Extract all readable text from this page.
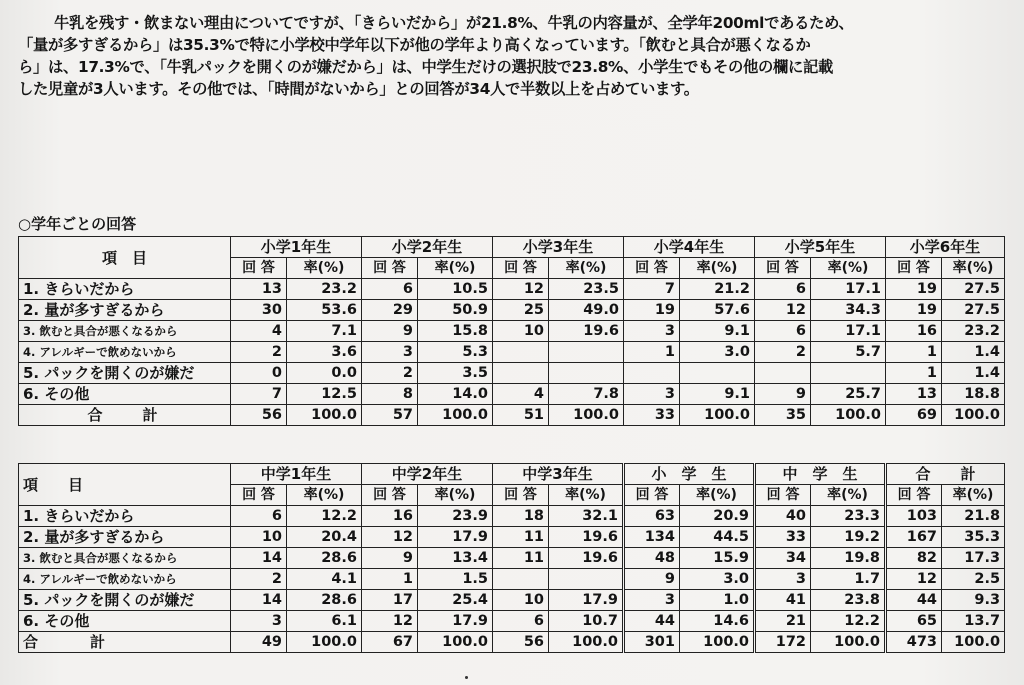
牛乳を残す・飲まない理由についてですが、「きらいだから」が21.8%、牛乳の内容量が、全学年200mlであるため、

「量が多すぎるから」は35.3%で特に小学校中学年以下が他の学年より高くなっています。「飲むと具合が悪くなるか

ら」は、17.3%で、「牛乳パックを開くのが嫌だから」は、中学生だけの選択肢で23.8%、小学生でもその他の欄に記載

した児童が3人います。その他では、「時間がないから」との回答が34人で半数以上を占めています。

○学年ごとの回答
項　目	小学1年生		小学2年生		小学3年生		小学4年生		小学5年生		小学6年生	
	回 答	率(%)	回 答	率(%)	回 答	率(%)	回 答	率(%)	回 答	率(%)	回 答	率(%)
1. きらいだから	13	23.2	6	10.5	12	23.5	7	21.2	6	17.1	19	27.5
2. 量が多すぎるから	30	53.6	29	50.9	25	49.0	19	57.6	12	34.3	19	27.5
3. 飲むと具合が悪くなるから	4	7.1	9	15.8	10	19.6	3	9.1	6	17.1	16	23.2
4. アレルギーで飲めないから	2	3.6	3	5.3			1	3.0	2	5.7	1	1.4
5. パックを開くのが嫌だ	0	0.0	2	3.5							1	1.4
6. その他	7	12.5	8	14.0	4	7.8	3	9.1	9	25.7	13	18.8
合計	56	100.0	57	100.0	51	100.0	33	100.0	35	100.0	69	100.0
項　　目	中学1年生		中学2年生		中学3年生		小　学　生		中　学　生		合　　計	
	回 答	率(%)	回 答	率(%)	回 答	率(%)	回 答	率(%)	回 答	率(%)	回 答	率(%)
1. きらいだから	6	12.2	16	23.9	18	32.1	63	20.9	40	23.3	103	21.8
2. 量が多すぎるから	10	20.4	12	17.9	11	19.6	134	44.5	33	19.2	167	35.3
3. 飲むと具合が悪くなるから	14	28.6	9	13.4	11	19.6	48	15.9	34	19.8	82	17.3
4. アレルギーで飲めないから	2	4.1	1	1.5			9	3.0	3	1.7	12	2.5
5. パックを開くのが嫌だ	14	28.6	17	25.4	10	17.9	3	1.0	41	23.8	44	9.3
6. その他	3	6.1	12	17.9	6	10.7	44	14.6	21	12.2	65	13.7
合計	49	100.0	67	100.0	56	100.0	301	100.0	172	100.0	473	100.0
